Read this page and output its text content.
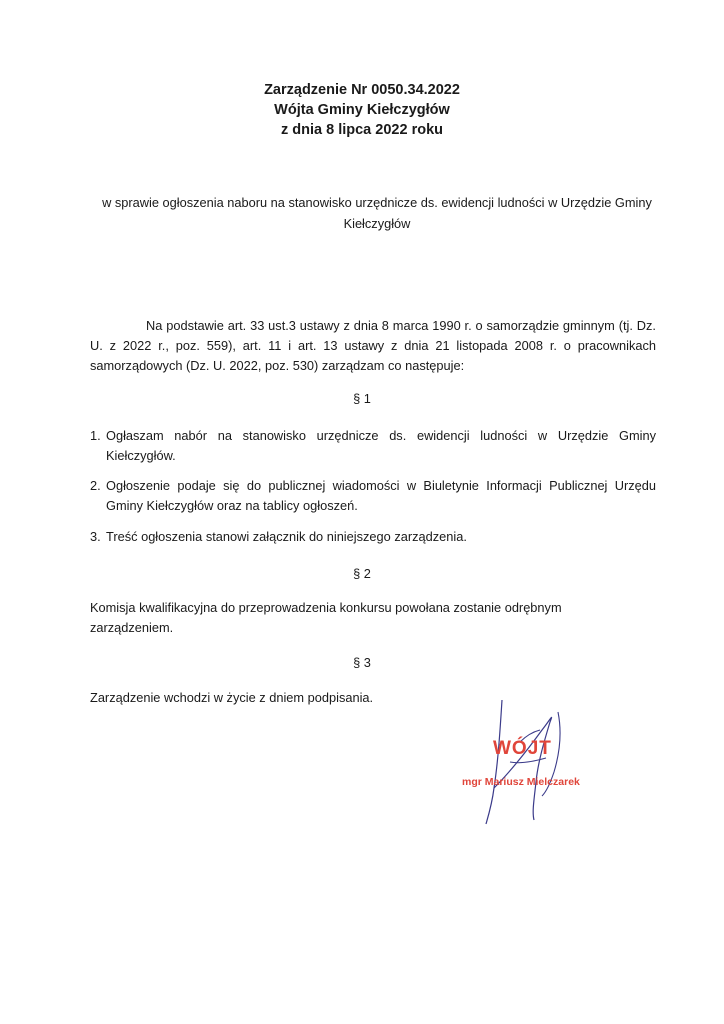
Zarządzenie Nr 0050.34.2022
Wójta Gminy Kiełczygłów
z dnia 8 lipca 2022 roku
w sprawie ogłoszenia naboru na stanowisko urzędnicze ds. ewidencji ludności w Urzędzie Gminy Kiełczygłów
Na podstawie art. 33 ust.3 ustawy z dnia 8 marca 1990 r. o samorządzie gminnym (tj. Dz. U. z 2022 r., poz. 559), art. 11 i art. 13 ustawy z dnia 21 listopada 2008 r. o pracownikach samorządowych (Dz. U. 2022, poz. 530) zarządzam co następuje:
§ 1
1. Ogłaszam nabór na stanowisko urzędnicze ds. ewidencji ludności w Urzędzie Gminy Kiełczygłów.
2. Ogłoszenie podaje się do publicznej wiadomości w Biuletynie Informacji Publicznej Urzędu Gminy Kiełczygłów oraz na tablicy ogłoszeń.
3. Treść ogłoszenia stanowi załącznik do niniejszego zarządzenia.
§ 2
Komisja kwalifikacyjna do przeprowadzenia konkursu powołana zostanie odrębnym zarządzeniem.
§ 3
Zarządzenie wchodzi w życie z dniem podpisania.
WÓJT
mgr Mariusz Mielczarek
